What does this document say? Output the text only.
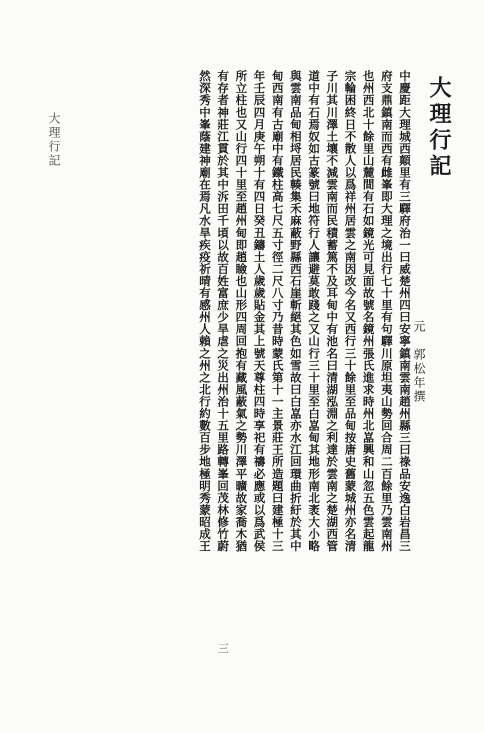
大理行記	大理行記
中慶距大理城西顛里有三驛府治一曰威楚州四曰安寧鎮南雲南趙州縣三曰祿品安逸白岩昌三
府支鼎鎮南而西有雌峯即大理之境出行七十里有句驛川原坦夷山勢回合周二百餘里乃雲南州
也州西北十餘里山麓間有石如鏡光可見面故號名鏡州張氏進求時州北嵓興和山忽五色雲起龍
宗輪困終日不散人以爲祥州居雲之南因改今名又西行三十餘里至品甸按唐史舊蒙城州亦名清
子川其川澤土壤不減雲南而民積蓄篤不及耳甸中有池名曰清湖泓淵之利達於雲南之楚湖西管
道中有石焉奴如古篆號曰地符行人讓避莫敢踐之又山行三十里至白嵓甸其地形南北袤大小略
與雲南品甸相埒居民輳集禾麻蔽野縣西石崖斬絕其色如雪故曰白嵓亦水江回環曲折紆於其中
甸西南有古廟中有鐵柱高七尺五寸徑二尺八寸乃昔時蒙氏第十一主景莊王所造題曰建極十三
年壬辰四月庚午朔十有四日癸丑鑄土人歲歲貼金其上號天尊柱四時享祀有禱必應或以爲武侯
所立柱也又山行四十里至趙州甸即趙瞼也山形四周回抱有藏風蔽氣之勢川澤平曠故家喬木猶
有存者神莊江貫於其中泝田千頃以故百姓富庶少旱虐之災出州治十五里路轉峯回茂林修竹蔚
然深秀中峯蔭建神廟在焉凡水旱疾疫祈晴有感州人賴之州之北行約數百步地極明秀蒙昭成王	元　郭松年撰
三
